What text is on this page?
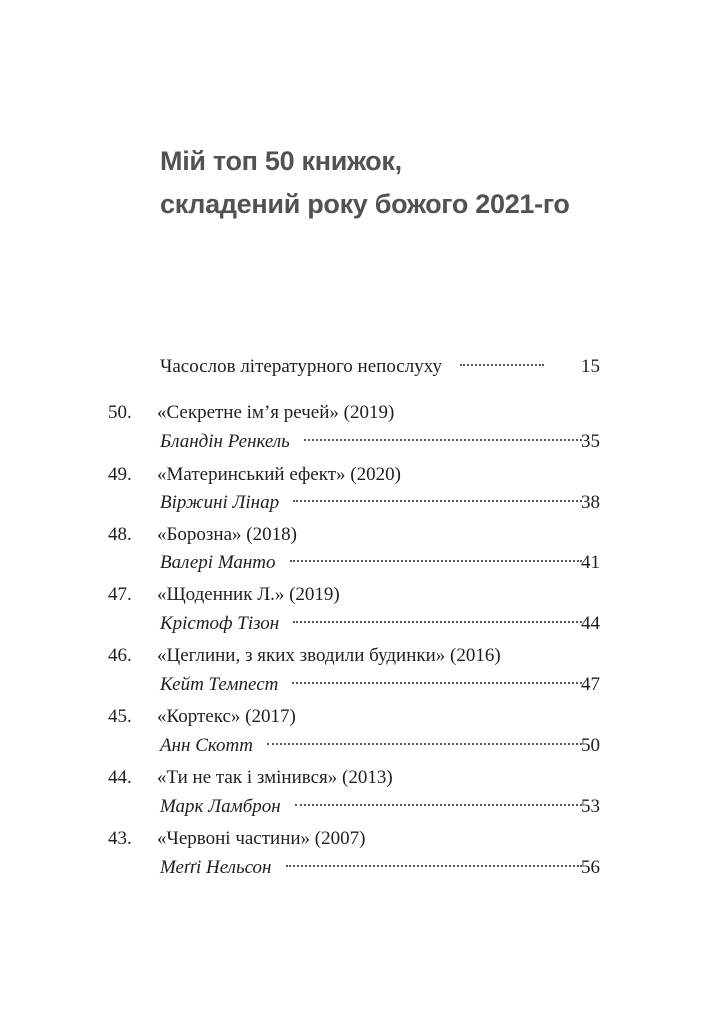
Мій топ 50 книжок,
складений року божого 2021-го
Часослов літературного непослуху	15
50.	«Секретне ім’я речей» (2019)
Бландін Ренкель	35
49.	«Материнський ефект» (2020)
Віржині Лінар	38
48.	«Борозна» (2018)
Валері Манто	41
47.	«Щоденник Л.» (2019)
Крістоф Тізон	44
46.	«Цеглини, з яких зводили будинки» (2016)
Кейт Темпест	47
45.	«Кортекс» (2017)
Анн Скотт	50
44.	«Ти не так і змінився» (2013)
Марк Ламброн	53
43.	«Червоні частини» (2007)
Меґґі Нельсон	56
